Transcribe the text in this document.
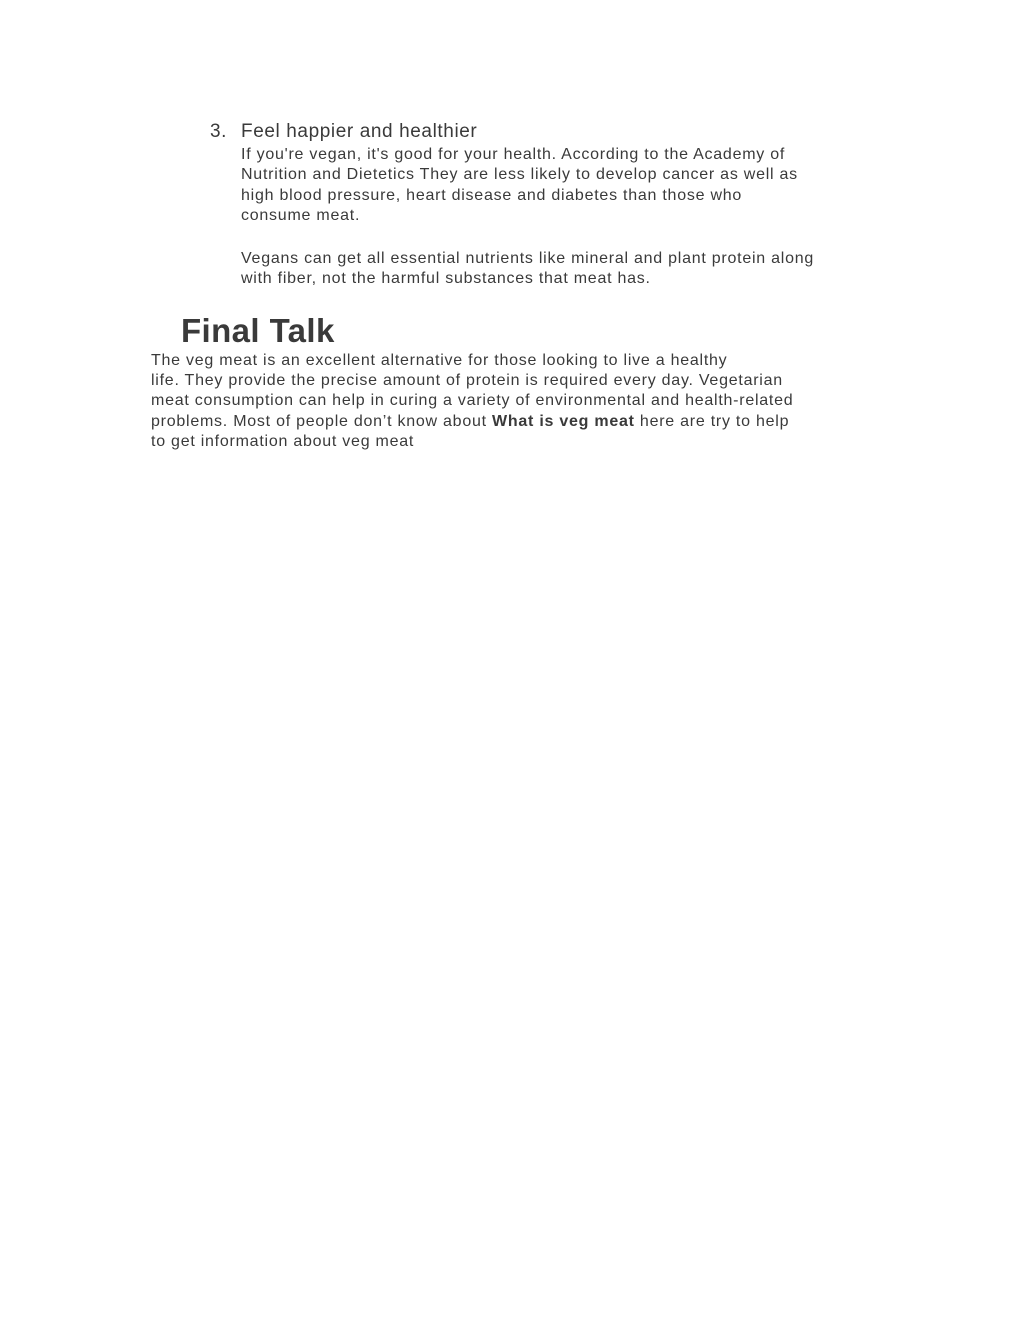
3. Feel happier and healthier

If you're vegan, it's good for your health. According to the Academy of
Nutrition and Dietetics They are less likely to develop cancer as well as
high blood pressure, heart disease and diabetes than those who
consume meat.

Vegans can get all essential nutrients like mineral and plant protein along
with fiber, not the harmful substances that meat has.

Final Talk

The veg meat is an excellent alternative for those looking to live a healthy
life. They provide the precise amount of protein is required every day. Vegetarian
meat consumption can help in curing a variety of environmental and health-related
problems. Most of people don’t know about What is veg meat here are try to help
to get information about veg meat
